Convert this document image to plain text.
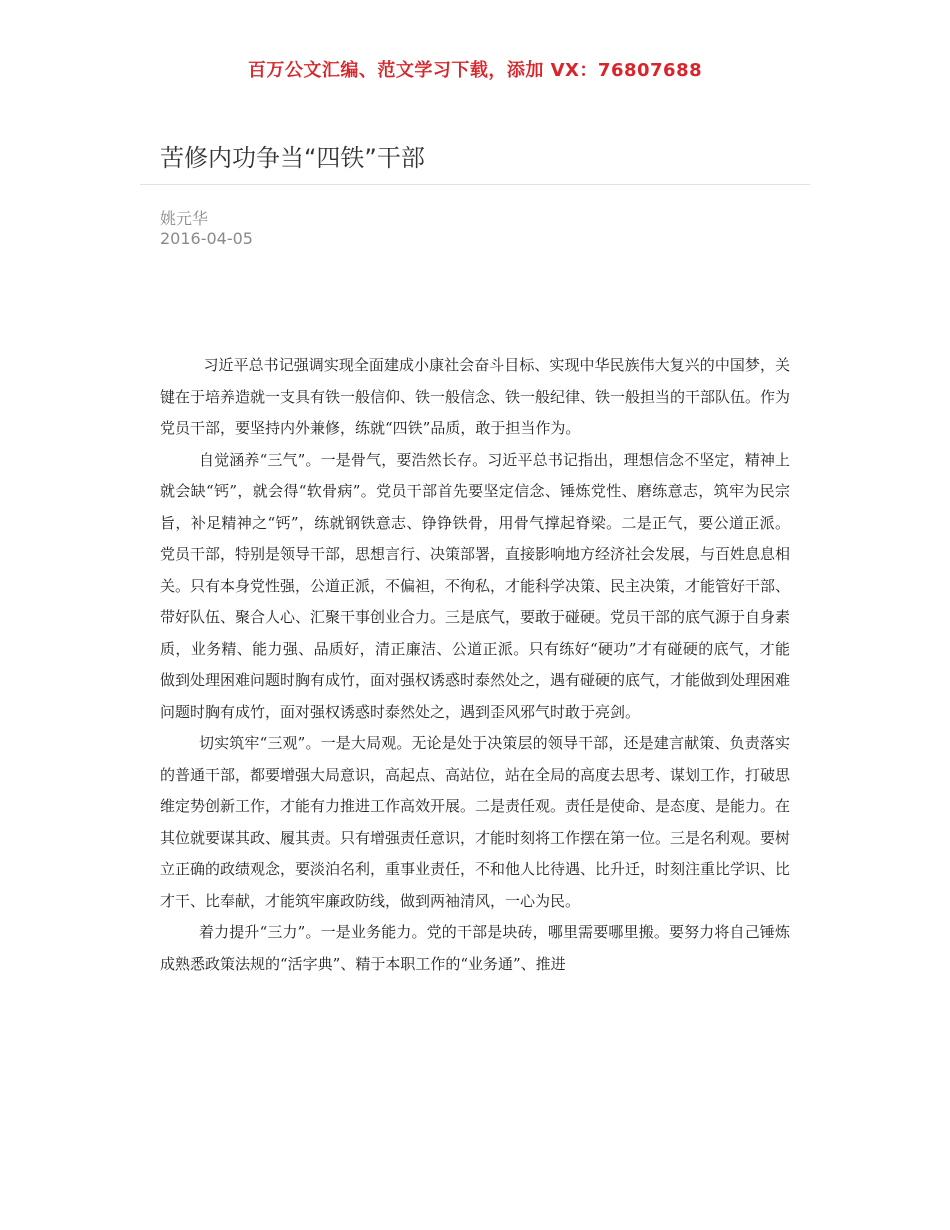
百万公文汇编、范文学习下载，添加 VX：76807688
苦修内功争当“四铁”干部
姚元华
2016-04-05

习近平总书记强调实现全面建成小康社会奋斗目标、实现中华民族伟大复兴的中国梦，关键在于培养造就一支具有铁一般信仰、铁一般信念、铁一般纪律、铁一般担当的干部队伍。作为党员干部，要坚持内外兼修，练就“四铁”品质，敢于担当作为。

自觉涵养“三气”。一是骨气，要浩然长存。习近平总书记指出，理想信念不坚定，精神上就会缺“钙”，就会得“软骨病”。党员干部首先要坚定信念、锤炼党性、磨练意志，筑牢为民宗旨，补足精神之“钙”，练就钢铁意志、铮铮铁骨，用骨气撑起脊梁。二是正气，要公道正派。党员干部，特别是领导干部，思想言行、决策部署，直接影响地方经济社会发展，与百姓息息相关。只有本身党性强，公道正派，不偏袒，不徇私，才能科学决策、民主决策，才能管好干部、带好队伍、聚合人心、汇聚干事创业合力。三是底气，要敢于碰硬。党员干部的底气源于自身素质，业务精、能力强、品质好，清正廉洁、公道正派。只有练好“硬功”才有碰硬的底气，才能做到处理困难问题时胸有成竹，面对强权诱惑时泰然处之，遇有碰硬的底气，才能做到处理困难问题时胸有成竹，面对强权诱惑时泰然处之，遇到歪风邪气时敢于亮剑。

切实筑牢“三观”。一是大局观。无论是处于决策层的领导干部，还是建言献策、负责落实的普通干部，都要增强大局意识，高起点、高站位，站在全局的高度去思考、谋划工作，打破思维定势创新工作，才能有力推进工作高效开展。二是责任观。责任是使命、是态度、是能力。在其位就要谋其政、履其责。只有增强责任意识，才能时刻将工作摆在第一位。三是名利观。要树立正确的政绩观念，要淡泊名利，重事业责任，不和他人比待遇、比升迁，时刻注重比学识、比才干、比奉献，才能筑牢廉政防线，做到两袖清风，一心为民。

着力提升“三力”。一是业务能力。党的干部是块砖，哪里需要哪里搬。要努力将自己锤炼成熟悉政策法规的“活字典”、精于本职工作的“业务通”、推进
